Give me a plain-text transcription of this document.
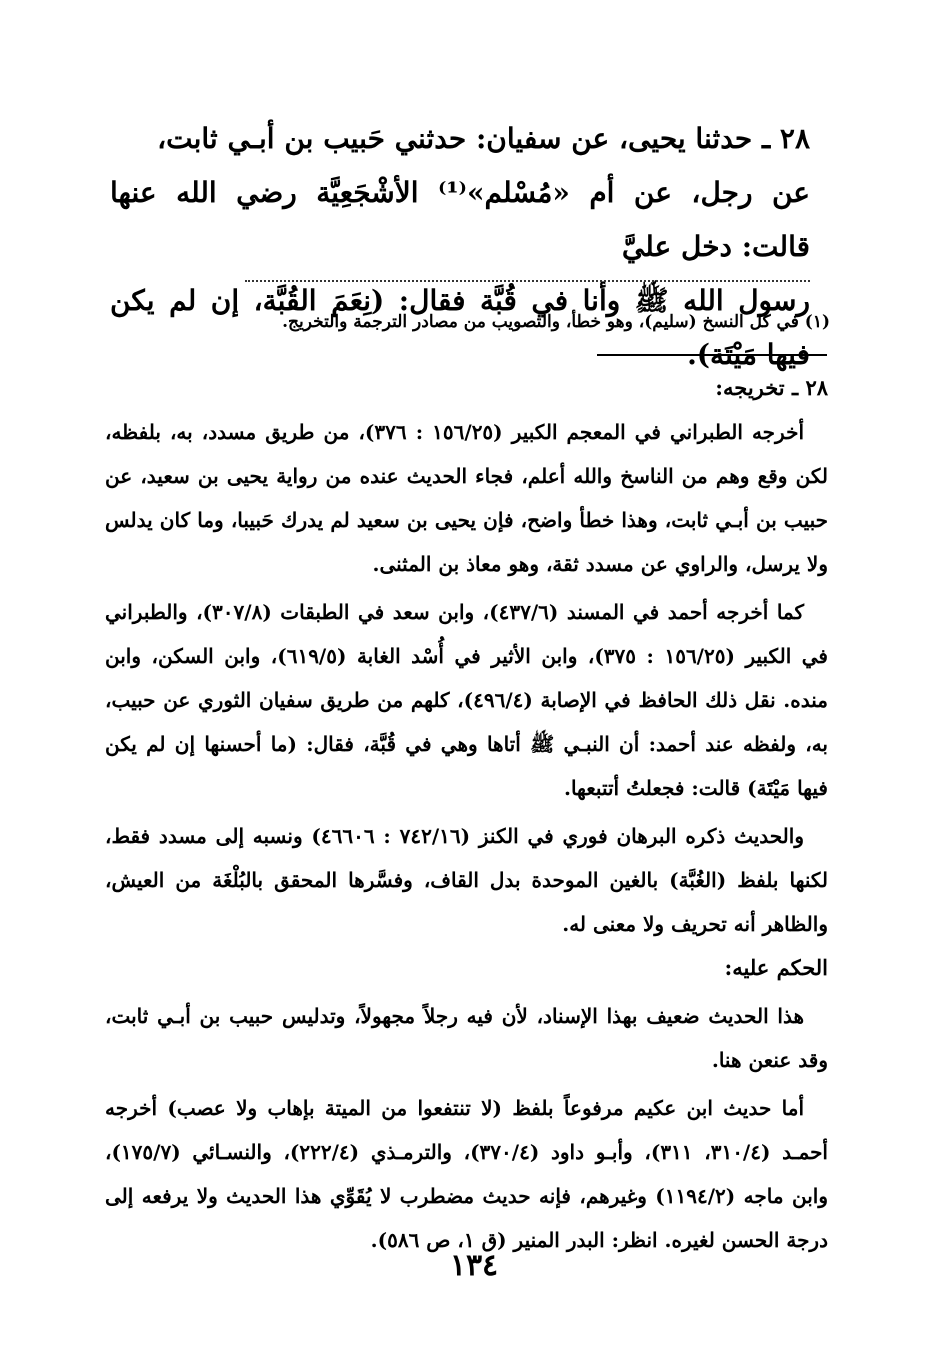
٢٨ ـ حدثنا يحيى، عن سفيان: حدثني حَبيب بن أبـي ثابت،

عن رجل، عن أم «مُسْلم»⁽¹⁾ الأشْجَعِيَّة رضي الله عنها قالت: دخل عليَّ

رسول الله ﷺ وأنا في قُبَّة فقال: (نِعَمَ القُبَّة، إن لم يكن فيها مَيْتَة).

(١) في كل النسخ (سليم)، وهو خطأ، والتصويب من مصادر الترجمة والتخريج.

٢٨ ـ تخريجه:

أخرجه الطبراني في المعجم الكبير (١٥٦/٢٥ : ٣٧٦)، من طريق مسدد، به، بلفظه، لكن وقع وهم من الناسخ والله أعلم، فجاء الحديث عنده من رواية يحيى بن سعيد، عن حبيب بن أبـي ثابت، وهذا خطأ واضح، فإن يحيى بن سعيد لم يدرك حَبيبا، وما كان يدلس ولا يرسل، والراوي عن مسدد ثقة، وهو معاذ بن المثنى.

كما أخرجه أحمد في المسند (٤٣٧/٦)، وابن سعد في الطبقات (٣٠٧/٨)، والطبراني في الكبير (١٥٦/٢٥ : ٣٧٥)، وابن الأثير في أُسْد الغابة (٦١٩/٥)، وابن السكن، وابن منده. نقل ذلك الحافظ في الإصابة (٤٩٦/٤)، كلهم من طريق سفيان الثوري عن حبيب، به، ولفظه عند أحمد: أن النبـي ﷺ أتاها وهي في قُبَّة، فقال: (ما أحسنها إن لم يكن فيها مَيْتَة) قالت: فجعلتُ أتتبعها.

والحديث ذكره البرهان فوري في الكنز (٧٤٢/١٦ : ٤٦٦٠٦) ونسبه إلى مسدد فقط، لكنها بلفظ (الغُبَّة) بالغين الموحدة بدل القاف، وفسَّرها المحقق بالبُلْغَة من العيش، والظاهر أنه تحريف ولا معنى له.

الحكم عليه:

هذا الحديث ضعيف بهذا الإسناد، لأن فيه رجلاً مجهولاً، وتدليس حبيب بن أبـي ثابت، وقد عنعن هنا.

أما حديث ابن عكيم مرفوعاً بلفظ (لا تنتفعوا من الميتة بإهاب ولا عصب) أخرجه أحمـد (٣١٠/٤، ٣١١)، وأبـو داود (٣٧٠/٤)، والترمـذي (٢٢٢/٤)، والنسـائي (١٧٥/٧)، وابن ماجه (١١٩٤/٢) وغيرهم، فإنه حديث مضطرب لا يُقَوِّي هذا الحديث ولا يرفعه إلى درجة الحسن لغيره. انظر: البدر المنير (ق ١، ص ٥٨٦).

١٣٤
